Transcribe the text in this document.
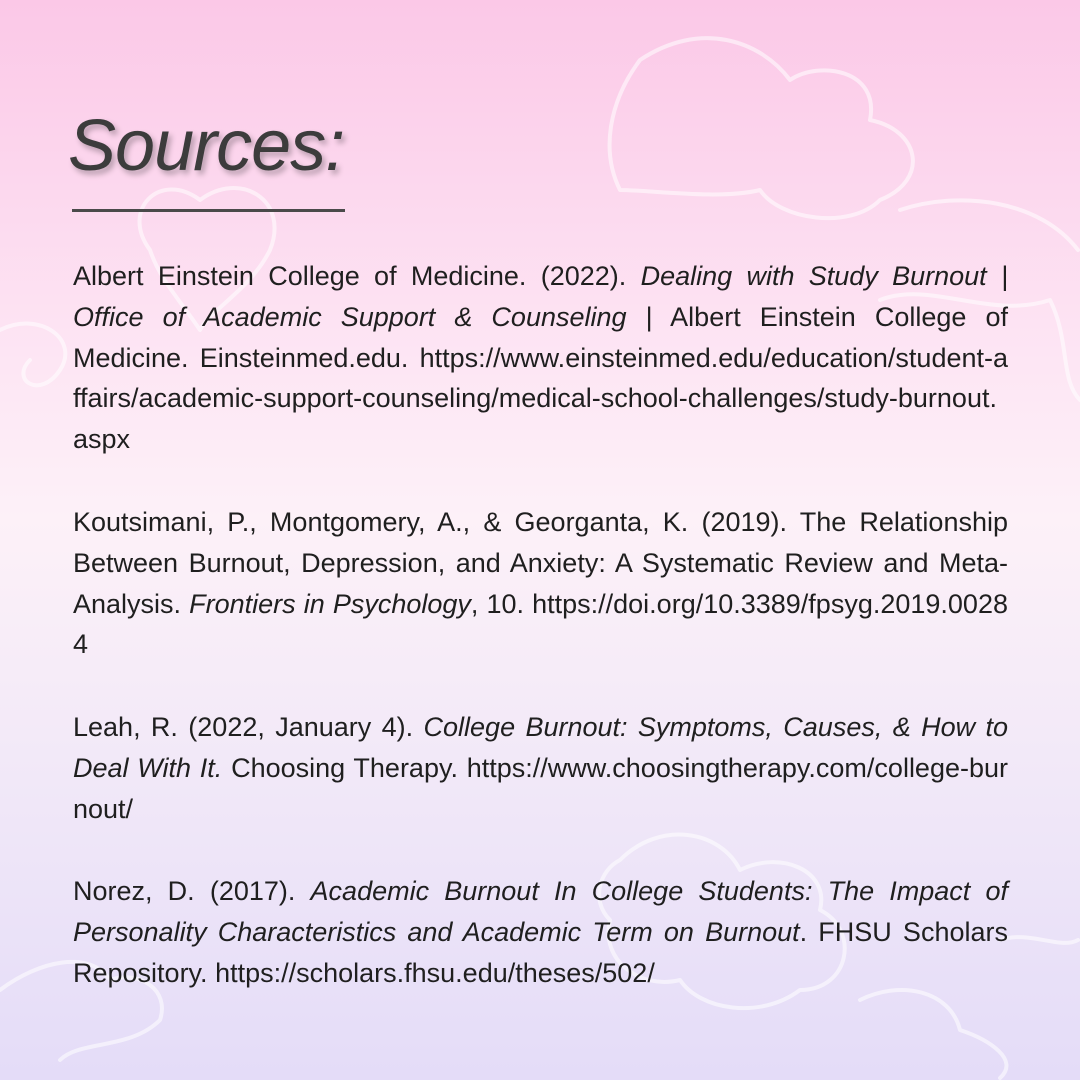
Sources:

Albert Einstein College of Medicine. (2022). Dealing with Study Burnout | Office of Academic Support & Counseling | Albert Einstein College of Medicine. Einsteinmed.edu. https://www.einsteinmed.edu/education/student-affairs/academic-support-counseling/medical-school-challenges/study-burnout.aspx

Koutsimani, P., Montgomery, A., & Georganta, K. (2019). The Relationship Between Burnout, Depression, and Anxiety: A Systematic Review and Meta-Analysis. Frontiers in Psychology, 10. https://doi.org/10.3389/fpsyg.2019.00284

Leah, R. (2022, January 4). College Burnout: Symptoms, Causes, & How to Deal With It. Choosing Therapy. https://www.choosingtherapy.com/college-burnout/

Norez, D. (2017). Academic Burnout In College Students: The Impact of Personality Characteristics and Academic Term on Burnout. FHSU Scholars Repository. https://scholars.fhsu.edu/theses/502/
